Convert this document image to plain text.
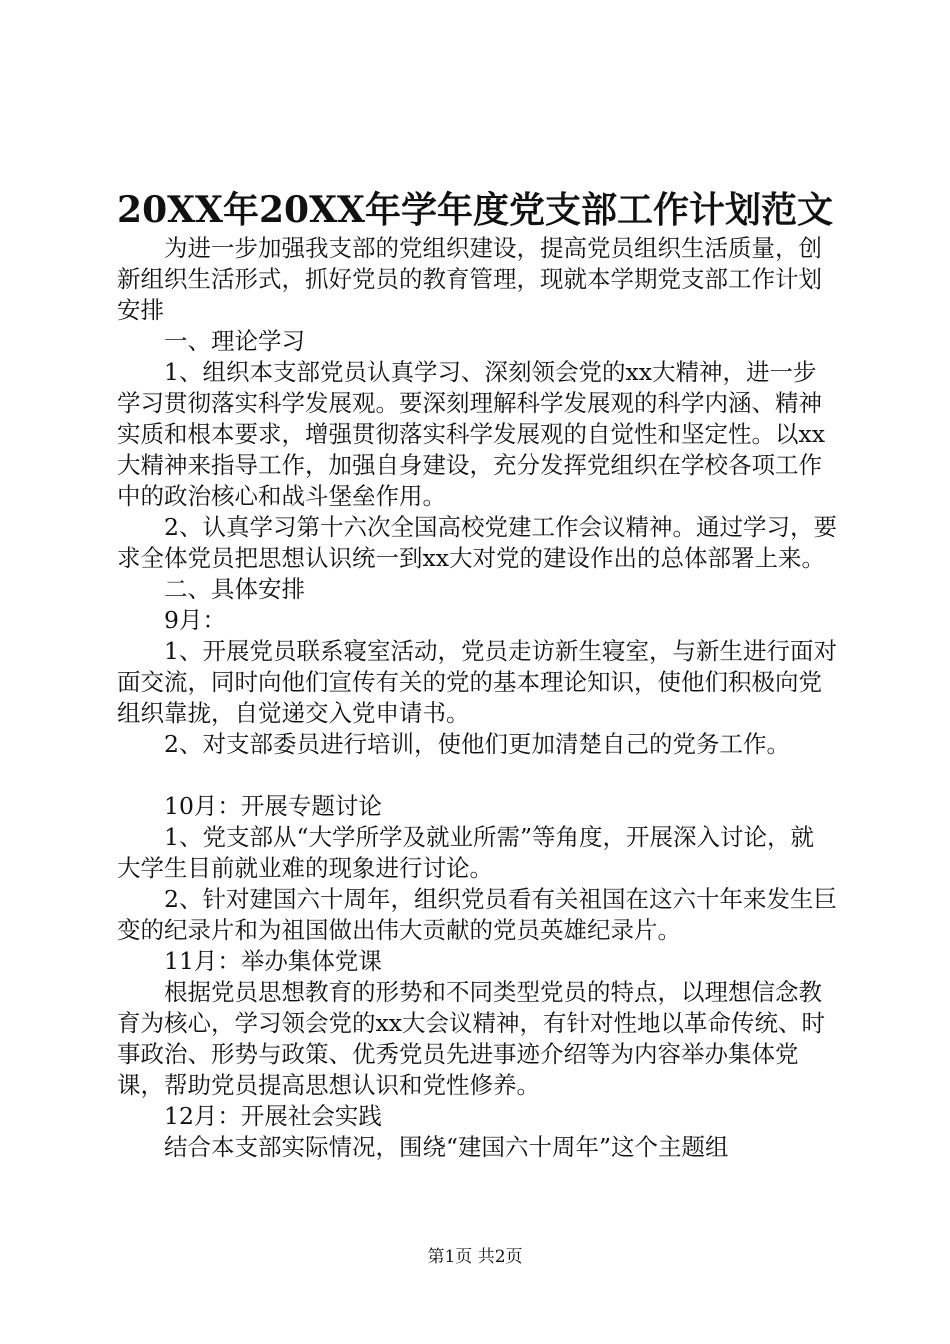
20XX年20XX年学年度党支部工作计划范文

为进一步加强我支部的党组织建设，提高党员组织生活质量，创新组织生活形式，抓好党员的教育管理，现就本学期党支部工作计划安排

一、理论学习

1、组织本支部党员认真学习、深刻领会党的xx大精神，进一步学习贯彻落实科学发展观。要深刻理解科学发展观的科学内涵、精神实质和根本要求，增强贯彻落实科学发展观的自觉性和坚定性。以xx大精神来指导工作，加强自身建设，充分发挥党组织在学校各项工作中的政治核心和战斗堡垒作用。

2、认真学习第十六次全国高校党建工作会议精神。通过学习，要求全体党员把思想认识统一到xx大对党的建设作出的总体部署上来。

二、具体安排

9月：

1、开展党员联系寝室活动，党员走访新生寝室，与新生进行面对面交流，同时向他们宣传有关的党的基本理论知识，使他们积极向党组织靠拢，自觉递交入党申请书。

2、对支部委员进行培训，使他们更加清楚自己的党务工作。

10月：开展专题讨论

1、党支部从“大学所学及就业所需”等角度，开展深入讨论，就大学生目前就业难的现象进行讨论。

2、针对建国六十周年，组织党员看有关祖国在这六十年来发生巨变的纪录片和为祖国做出伟大贡献的党员英雄纪录片。

11月：举办集体党课

根据党员思想教育的形势和不同类型党员的特点，以理想信念教育为核心，学习领会党的xx大会议精神，有针对性地以革命传统、时事政治、形势与政策、优秀党员先进事迹介绍等为内容举办集体党课，帮助党员提高思想认识和党性修养。

12月：开展社会实践

结合本支部实际情况，围绕“建国六十周年”这个主题组

第1页 共2页
